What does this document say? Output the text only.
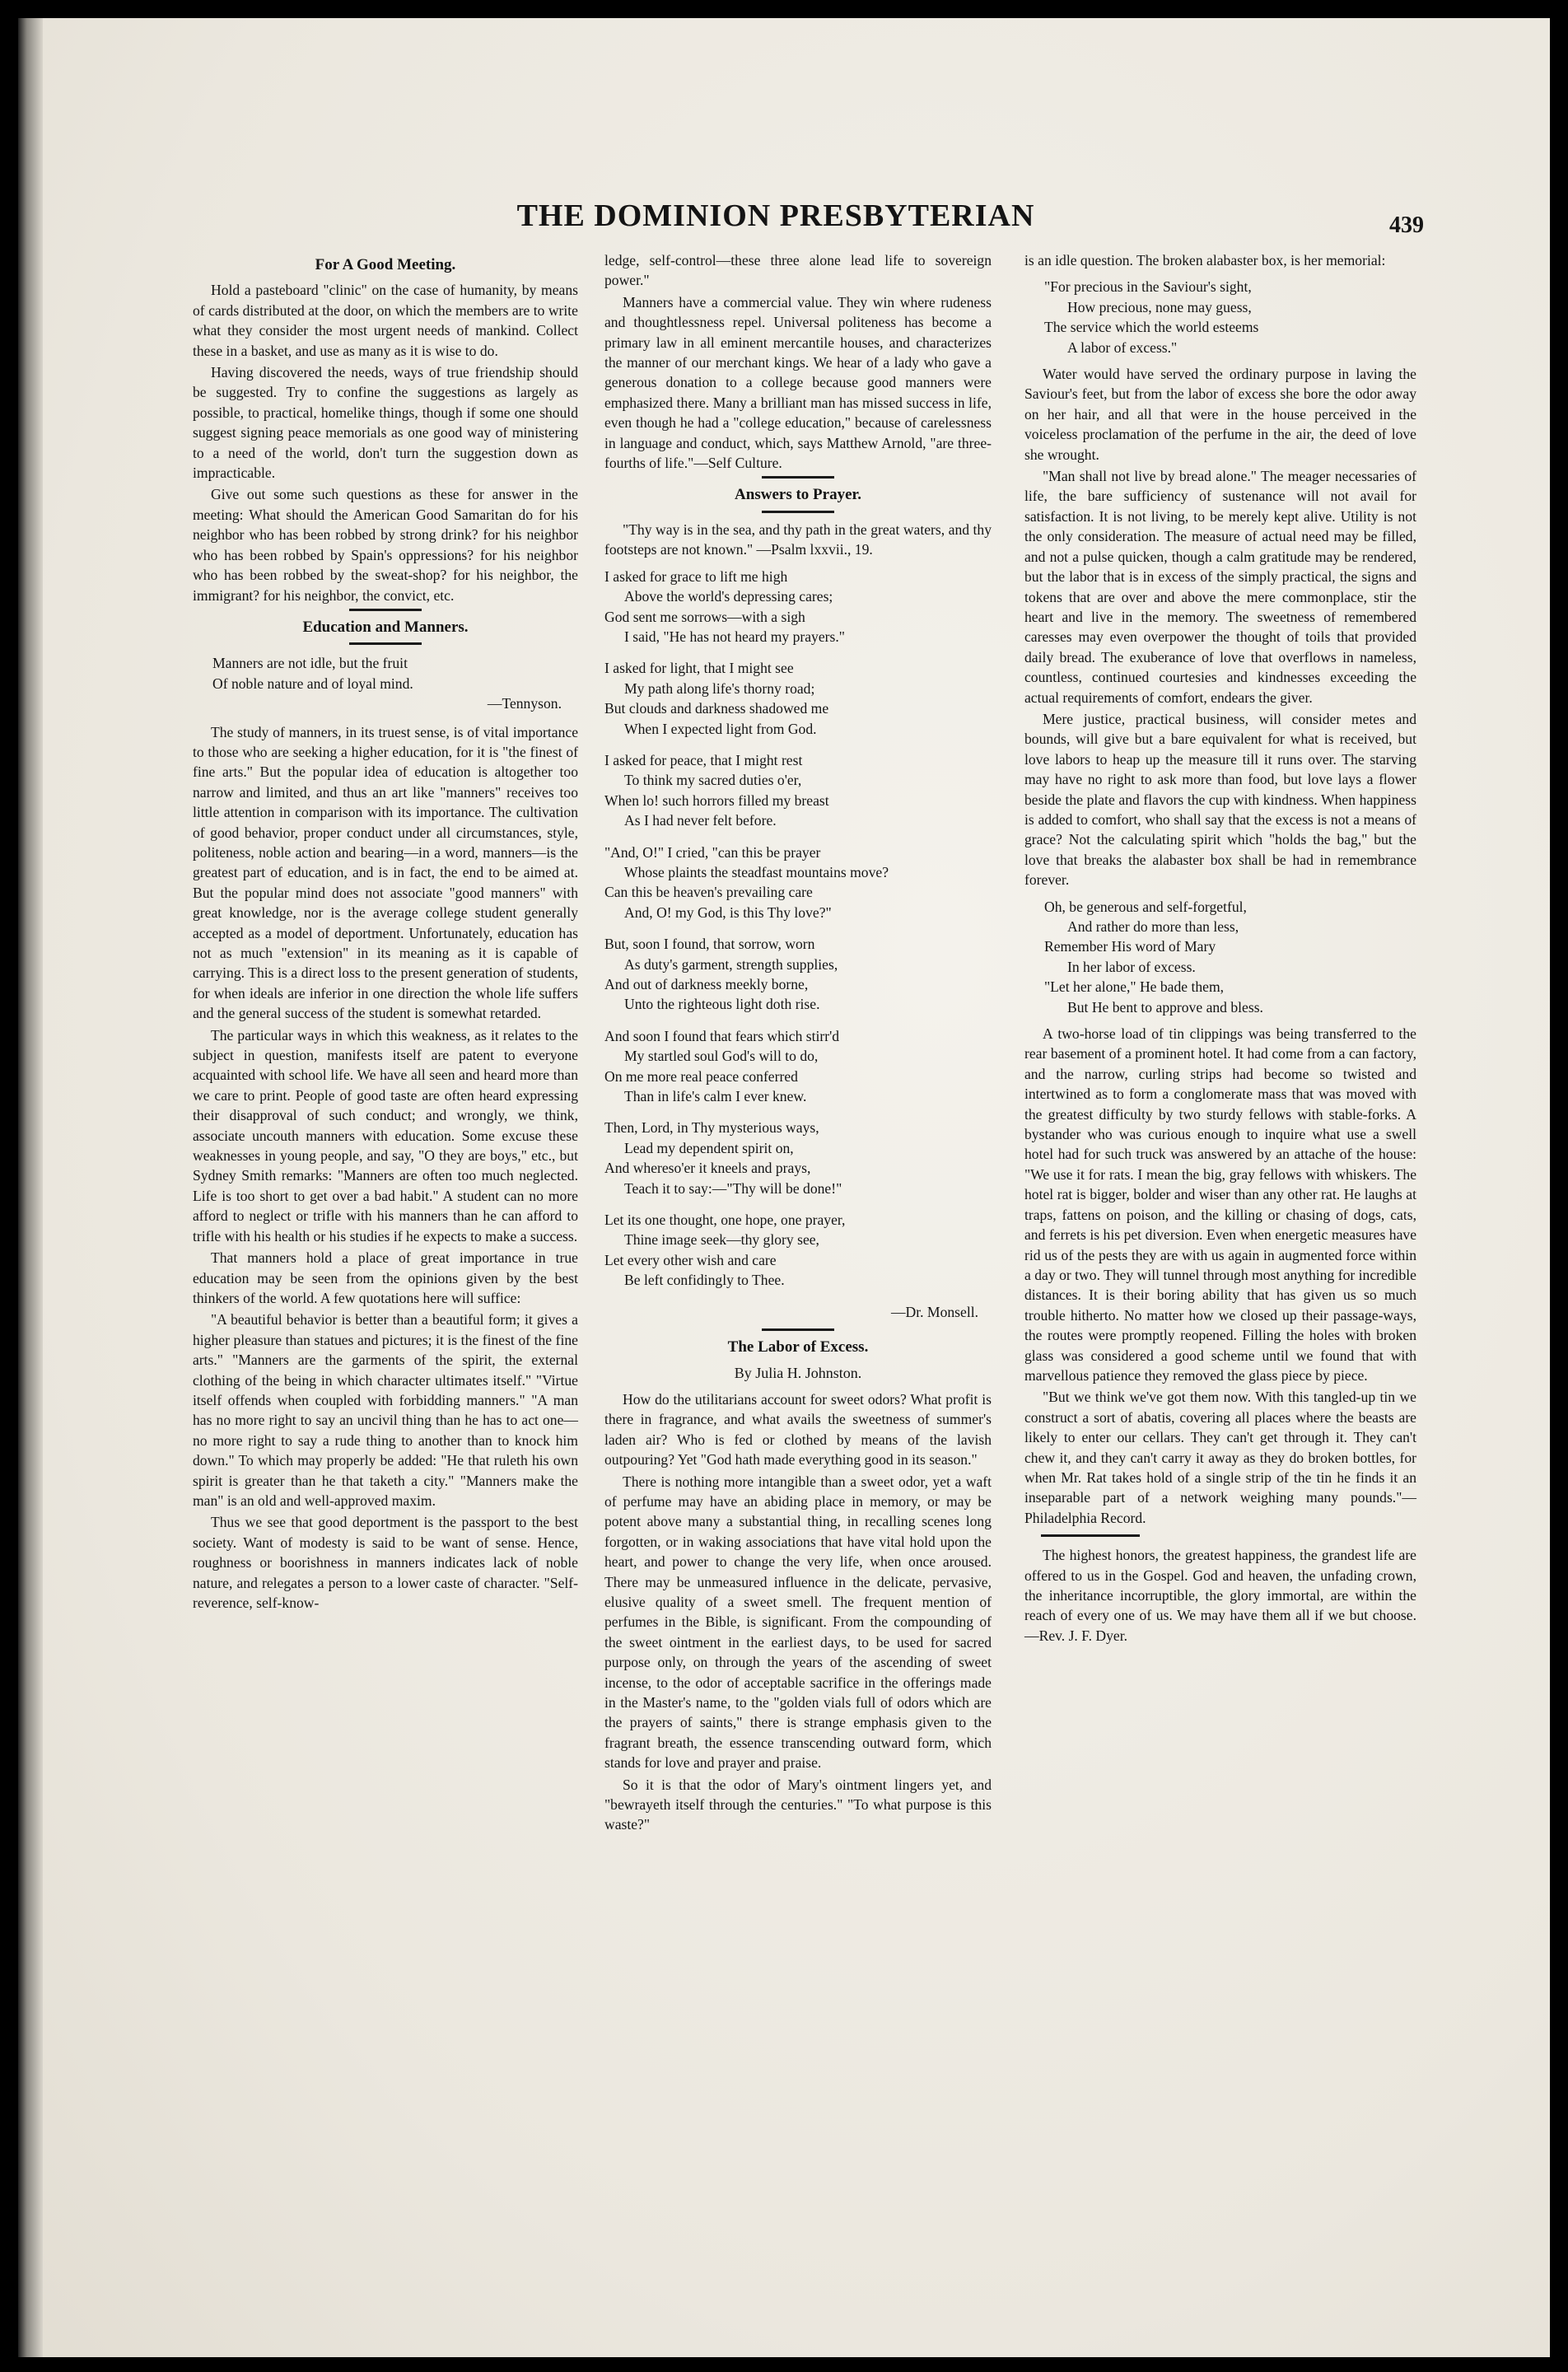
THE DOMINION PRESBYTERIAN	439
For A Good Meeting.

Hold a pasteboard "clinic" on the case of humanity, by means of cards distributed at the door, on which the members are to write what they consider the most urgent needs of mankind. Collect these in a basket, and use as many as it is wise to do.

Having discovered the needs, ways of true friendship should be suggested. Try to confine the suggestions as largely as possible, to practical, homelike things, though if some one should suggest signing peace memorials as one good way of ministering to a need of the world, don't turn the suggestion down as impracticable.

Give out some such questions as these for answer in the meeting: What should the American Good Samaritan do for his neighbor who has been robbed by strong drink? for his neighbor who has been robbed by Spain's oppressions? for his neighbor who has been robbed by the sweat-shop? for his neighbor, the immigrant? for his neighbor, the convict, etc.

Education and Manners.
Manners are not idle, but the fruit
Of noble nature and of loyal mind.
—Tennyson.

The study of manners, in its truest sense, is of vital importance to those who are seeking a higher education, for it is "the finest of fine arts." But the popular idea of education is altogether too narrow and limited, and thus an art like "manners" receives too little attention in comparison with its importance. The cultivation of good behavior, proper conduct under all circumstances, style, politeness, noble action and bearing—in a word, manners—is the greatest part of education, and is in fact, the end to be aimed at. But the popular mind does not associate "good manners" with great knowledge, nor is the average college student generally accepted as a model of deportment. Unfortunately, education has not as much "extension" in its meaning as it is capable of carrying. This is a direct loss to the present generation of students, for when ideals are inferior in one direction the whole life suffers and the general success of the student is somewhat retarded.

The particular ways in which this weakness, as it relates to the subject in question, manifests itself are patent to everyone acquainted with school life. We have all seen and heard more than we care to print. People of good taste are often heard expressing their disapproval of such conduct; and wrongly, we think, associate uncouth manners with education. Some excuse these weaknesses in young people, and say, "O they are boys," etc., but Sydney Smith remarks: "Manners are often too much neglected. Life is too short to get over a bad habit." A student can no more afford to neglect or trifle with his manners than he can afford to trifle with his health or his studies if he expects to make a success.

That manners hold a place of great importance in true education may be seen from the opinions given by the best thinkers of the world. A few quotations here will suffice:

"A beautiful behavior is better than a beautiful form; it gives a higher pleasure than statues and pictures; it is the finest of the fine arts." "Manners are the garments of the spirit, the external clothing of the being in which character ultimates itself." "Virtue itself offends when coupled with forbidding manners." "A man has no more right to say an uncivil thing than he has to act one—no more right to say a rude thing to another than to knock him down." To which may properly be added: "He that ruleth his own spirit is greater than he that taketh a city." "Manners make the man" is an old and well-approved maxim.

Thus we see that good deportment is the passport to the best society. Want of modesty is said to be want of sense. Hence, roughness or boorishness in manners indicates lack of noble nature, and relegates a person to a lower caste of character. "Self-reverence, self-know-

ledge, self-control—these three alone lead life to sovereign power."

Manners have a commercial value. They win where rudeness and thoughtlessness repel. Universal politeness has become a primary law in all eminent mercantile houses, and characterizes the manner of our merchant kings. We hear of a lady who gave a generous donation to a college because good manners were emphasized there. Many a brilliant man has missed success in life, even though he had a "college education," because of carelessness in language and conduct, which, says Matthew Arnold, "are three-fourths of life."—Self Culture.

Answers to Prayer.

"Thy way is in the sea, and thy path in the great waters, and thy footsteps are not known." —Psalm lxxvii., 19.

I asked for grace to lift me high
Above the world's depressing cares;
God sent me sorrows—with a sigh
I said, "He has not heard my prayers."
I asked for light, that I might see
My path along life's thorny road;
But clouds and darkness shadowed me
When I expected light from God.
I asked for peace, that I might rest
To think my sacred duties o'er,
When lo! such horrors filled my breast
As I had never felt before.
"And, O!" I cried, "can this be prayer
Whose plaints the steadfast mountains move?
Can this be heaven's prevailing care
And, O! my God, is this Thy love?"
But, soon I found, that sorrow, worn
As duty's garment, strength supplies,
And out of darkness meekly borne,
Unto the righteous light doth rise.
And soon I found that fears which stirr'd
My startled soul God's will to do,
On me more real peace conferred
Than in life's calm I ever knew.
Then, Lord, in Thy mysterious ways,
Lead my dependent spirit on,
And whereso'er it kneels and prays,
Teach it to say:—"Thy will be done!"
Let its one thought, one hope, one prayer,
Thine image seek—thy glory see,
Let every other wish and care
Be left confidingly to Thee.
—Dr. Monsell.
The Labor of Excess.
By Julia H. Johnston.

How do the utilitarians account for sweet odors? What profit is there in fragrance, and what avails the sweetness of summer's laden air? Who is fed or clothed by means of the lavish outpouring? Yet "God hath made everything good in its season."

There is nothing more intangible than a sweet odor, yet a waft of perfume may have an abiding place in memory, or may be potent above many a substantial thing, in recalling scenes long forgotten, or in waking associations that have vital hold upon the heart, and power to change the very life, when once aroused. There may be unmeasured influence in the delicate, pervasive, elusive quality of a sweet smell. The frequent mention of perfumes in the Bible, is significant. From the compounding of the sweet ointment in the earliest days, to be used for sacred purpose only, on through the years of the ascending of sweet incense, to the odor of acceptable sacrifice in the offerings made in the Master's name, to the "golden vials full of odors which are the prayers of saints," there is strange emphasis given to the fragrant breath, the essence transcending outward form, which stands for love and prayer and praise.

So it is that the odor of Mary's ointment lingers yet, and "bewrayeth itself through the centuries." "To what purpose is this waste?"

is an idle question. The broken alabaster box, is her memorial:

"For precious in the Saviour's sight,
How precious, none may guess,
The service which the world esteems
A labor of excess."

Water would have served the ordinary purpose in laving the Saviour's feet, but from the labor of excess she bore the odor away on her hair, and all that were in the house perceived in the voiceless proclamation of the perfume in the air, the deed of love she wrought.

"Man shall not live by bread alone." The meager necessaries of life, the bare sufficiency of sustenance will not avail for satisfaction. It is not living, to be merely kept alive. Utility is not the only consideration. The measure of actual need may be filled, and not a pulse quicken, though a calm gratitude may be rendered, but the labor that is in excess of the simply practical, the signs and tokens that are over and above the mere commonplace, stir the heart and live in the memory. The sweetness of remembered caresses may even overpower the thought of toils that provided daily bread. The exuberance of love that overflows in nameless, countless, continued courtesies and kindnesses exceeding the actual requirements of comfort, endears the giver.

Mere justice, practical business, will consider metes and bounds, will give but a bare equivalent for what is received, but love labors to heap up the measure till it runs over. The starving may have no right to ask more than food, but love lays a flower beside the plate and flavors the cup with kindness. When happiness is added to comfort, who shall say that the excess is not a means of grace? Not the calculating spirit which "holds the bag," but the love that breaks the alabaster box shall be had in remembrance forever.

Oh, be generous and self-forgetful,
And rather do more than less,
Remember His word of Mary
In her labor of excess.
"Let her alone," He bade them,
But He bent to approve and bless.

A two-horse load of tin clippings was being transferred to the rear basement of a prominent hotel. It had come from a can factory, and the narrow, curling strips had become so twisted and intertwined as to form a conglomerate mass that was moved with the greatest difficulty by two sturdy fellows with stable-forks. A bystander who was curious enough to inquire what use a swell hotel had for such truck was answered by an attache of the house: "We use it for rats. I mean the big, gray fellows with whiskers. The hotel rat is bigger, bolder and wiser than any other rat. He laughs at traps, fattens on poison, and the killing or chasing of dogs, cats, and ferrets is his pet diversion. Even when energetic measures have rid us of the pests they are with us again in augmented force within a day or two. They will tunnel through most anything for incredible distances. It is their boring ability that has given us so much trouble hitherto. No matter how we closed up their passage-ways, the routes were promptly reopened. Filling the holes with broken glass was considered a good scheme until we found that with marvellous patience they removed the glass piece by piece.

"But we think we've got them now. With this tangled-up tin we construct a sort of abatis, covering all places where the beasts are likely to enter our cellars. They can't get through it. They can't chew it, and they can't carry it away as they do broken bottles, for when Mr. Rat takes hold of a single strip of the tin he finds it an inseparable part of a network weighing many pounds."—Philadelphia Record.

The highest honors, the greatest happiness, the grandest life are offered to us in the Gospel. God and heaven, the unfading crown, the inheritance incorruptible, the glory immortal, are within the reach of every one of us. We may have them all if we but choose.—Rev. J. F. Dyer.
